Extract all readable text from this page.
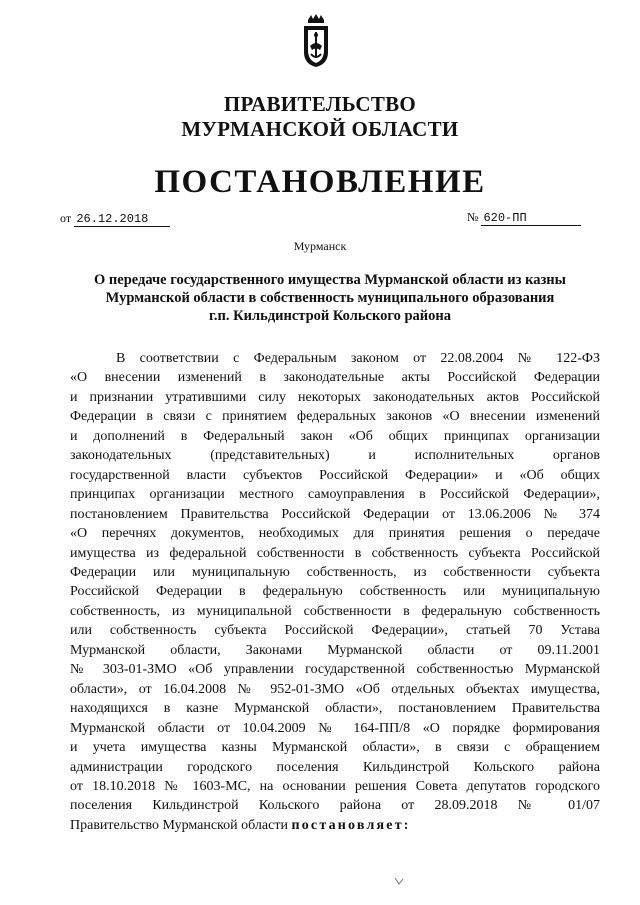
ПРАВИТЕЛЬСТВО

МУРМАНСКОЙ ОБЛАСТИ

ПОСТАНОВЛЕНИЕ

от 26.12.2018	№ 620-ПП

Мурманск

О передаче государственного имущества Мурманской области из казны
Мурманской области в собственность муниципального образования
г.п. Кильдинстрой Кольского района

В соответствии с Федеральным законом от 22.08.2004 № 122-ФЗ
«О внесении изменений в законодательные акты Российской Федерации
и признании утратившими силу некоторых законодательных актов Российской
Федерации в связи с принятием федеральных законов «О внесении изменений
и дополнений в Федеральный закон «Об общих принципах организации
законодательных (представительных) и исполнительных органов
государственной власти субъектов Российской Федерации» и «Об общих
принципах организации местного самоуправления в Российской Федерации»,
постановлением Правительства Российской Федерации от 13.06.2006 № 374
«О перечнях документов, необходимых для принятия решения о передаче
имущества из федеральной собственности в собственность субъекта Российской
Федерации или муниципальную собственность, из собственности субъекта
Российской Федерации в федеральную собственность или муниципальную
собственность, из муниципальной собственности в федеральную собственность
или собственность субъекта Российской Федерации», статьей 70 Устава
Мурманской области, Законами Мурманской области от 09.11.2001
№ 303-01-ЗМО «Об управлении государственной собственностью Мурманской
области», от 16.04.2008 № 952-01-ЗМО «Об отдельных объектах имущества,
находящихся в казне Мурманской области», постановлением Правительства
Мурманской области от 10.04.2009 № 164-ПП/8 «О порядке формирования
и учета имущества казны Мурманской области», в связи с обращением
администрации городского поселения Кильдинстрой Кольского района
от 18.10.2018 № 1603-МС, на основании решения Совета депутатов городского
поселения Кильдинстрой Кольского района от 28.09.2018 № 01/07
Правительство Мурманской области постановляет:
